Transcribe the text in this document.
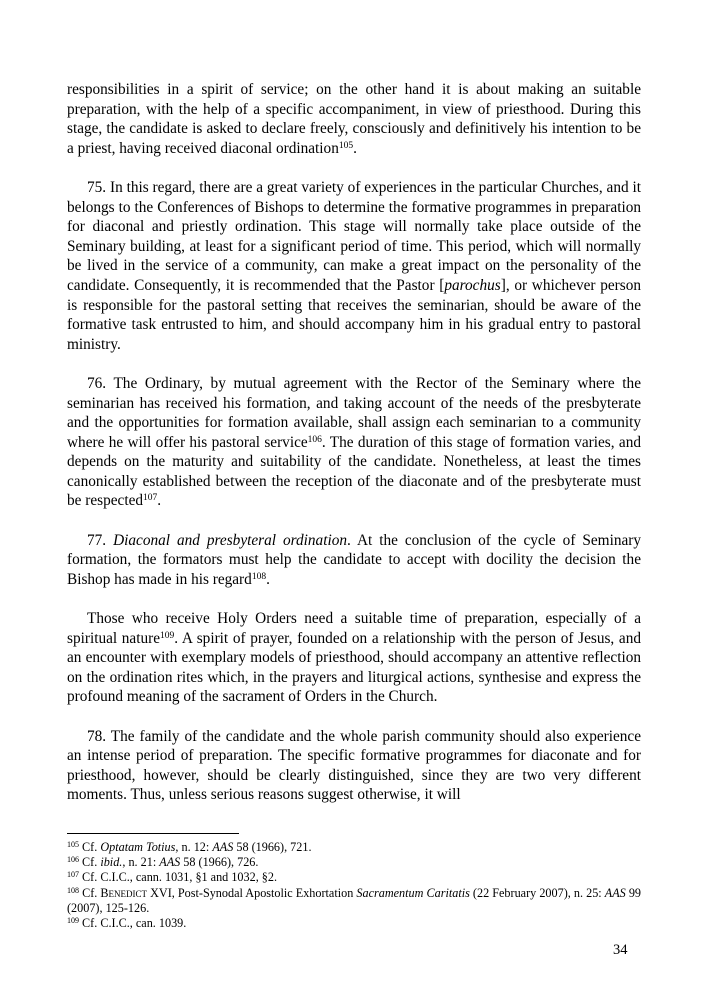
responsibilities in a spirit of service; on the other hand it is about making an suitable preparation, with the help of a specific accompaniment, in view of priesthood. During this stage, the candidate is asked to declare freely, consciously and definitively his intention to be a priest, having received diaconal ordination$^{105}$.

75. In this regard, there are a great variety of experiences in the particular Churches, and it belongs to the Conferences of Bishops to determine the formative programmes in preparation for diaconal and priestly ordination. This stage will normally take place outside of the Seminary building, at least for a significant period of time. This period, which will normally be lived in the service of a community, can make a great impact on the personality of the candidate. Consequently, it is recommended that the Pastor [parochus], or whichever person is responsible for the pastoral setting that receives the seminarian, should be aware of the formative task entrusted to him, and should accompany him in his gradual entry to pastoral ministry.

76. The Ordinary, by mutual agreement with the Rector of the Seminary where the seminarian has received his formation, and taking account of the needs of the presbyterate and the opportunities for formation available, shall assign each seminarian to a community where he will offer his pastoral service$^{106}$. The duration of this stage of formation varies, and depends on the maturity and suitability of the candidate. Nonetheless, at least the times canonically established between the reception of the diaconate and of the presbyterate must be respected$^{107}$.

77. Diaconal and presbyteral ordination. At the conclusion of the cycle of Seminary formation, the formators must help the candidate to accept with docility the decision the Bishop has made in his regard$^{108}$.

Those who receive Holy Orders need a suitable time of preparation, especially of a spiritual nature$^{109}$. A spirit of prayer, founded on a relationship with the person of Jesus, and an encounter with exemplary models of priesthood, should accompany an attentive reflection on the ordination rites which, in the prayers and liturgical actions, synthesise and express the profound meaning of the sacrament of Orders in the Church.

78. The family of the candidate and the whole parish community should also experience an intense period of preparation. The specific formative programmes for diaconate and for priesthood, however, should be clearly distinguished, since they are two very different moments. Thus, unless serious reasons suggest otherwise, it will

$^{105}$ Cf. Optatam Totius, n. 12: AAS 58 (1966), 721.

$^{106}$ Cf. ibid., n. 21: AAS 58 (1966), 726.

$^{107}$ Cf. C.I.C., cann. 1031, §1 and 1032, §2.

$^{108}$ Cf. Benedict XVI, Post-Synodal Apostolic Exhortation Sacramentum Caritatis (22 February 2007), n. 25: AAS 99 (2007), 125-126.

$^{109}$ Cf. C.I.C., can. 1039.

34
